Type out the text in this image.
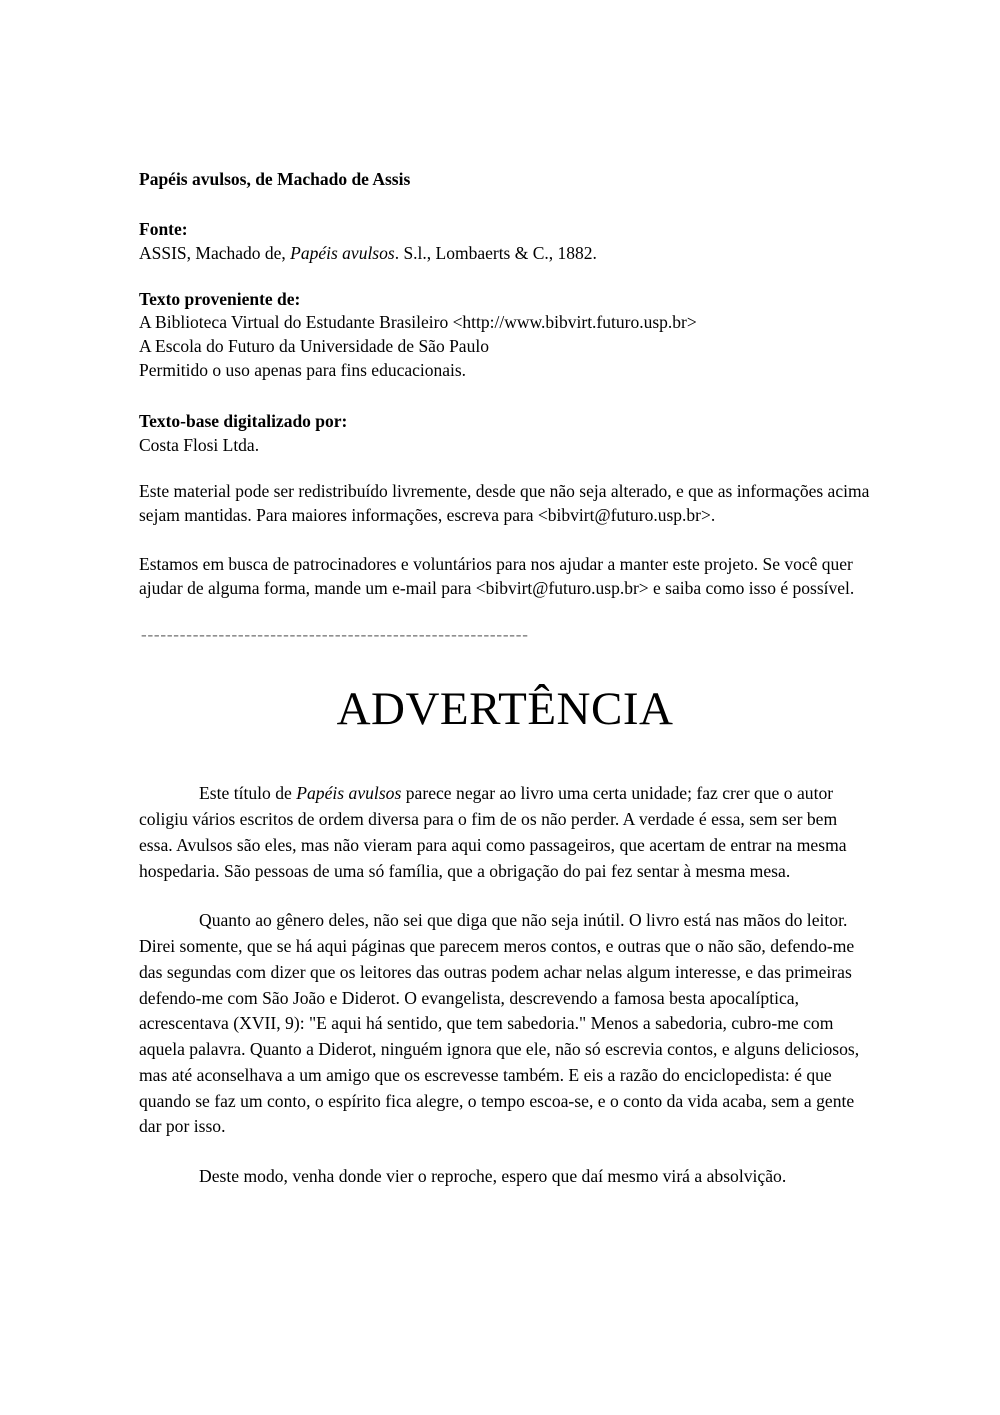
Papéis avulsos, de Machado de Assis
Fonte:
ASSIS, Machado de, Papéis avulsos. S.l., Lombaerts & C., 1882.
Texto proveniente de:
A Biblioteca Virtual do Estudante Brasileiro <http://www.bibvirt.futuro.usp.br>
A Escola do Futuro da Universidade de São Paulo
Permitido o uso apenas para fins educacionais.
Texto-base digitalizado por:
Costa Flosi Ltda.

Este material pode ser redistribuído livremente, desde que não seja alterado, e que as informações acima sejam mantidas. Para maiores informações, escreva para <bibvirt@futuro.usp.br>.

Estamos em busca de patrocinadores e voluntários para nos ajudar a manter este projeto. Se você quer ajudar de alguma forma, mande um e-mail para <bibvirt@futuro.usp.br> e saiba como isso é possível.

------------------------------------------------------------
ADVERTÊNCIA

Este título de Papéis avulsos parece negar ao livro uma certa unidade; faz crer que o autor coligiu vários escritos de ordem diversa para o fim de os não perder. A verdade é essa, sem ser bem essa. Avulsos são eles, mas não vieram para aqui como passageiros, que acertam de entrar na mesma hospedaria. São pessoas de uma só família, que a obrigação do pai fez sentar à mesma mesa.

Quanto ao gênero deles, não sei que diga que não seja inútil. O livro está nas mãos do leitor. Direi somente, que se há aqui páginas que parecem meros contos, e outras que o não são, defendo-me das segundas com dizer que os leitores das outras podem achar nelas algum interesse, e das primeiras defendo-me com São João e Diderot. O evangelista, descrevendo a famosa besta apocalíptica, acrescentava (XVII, 9): "E aqui há sentido, que tem sabedoria." Menos a sabedoria, cubro-me com aquela palavra. Quanto a Diderot, ninguém ignora que ele, não só escrevia contos, e alguns deliciosos, mas até aconselhava a um amigo que os escrevesse também. E eis a razão do enciclopedista: é que quando se faz um conto, o espírito fica alegre, o tempo escoa-se, e o conto da vida acaba, sem a gente dar por isso.

Deste modo, venha donde vier o reproche, espero que daí mesmo virá a absolvição.
